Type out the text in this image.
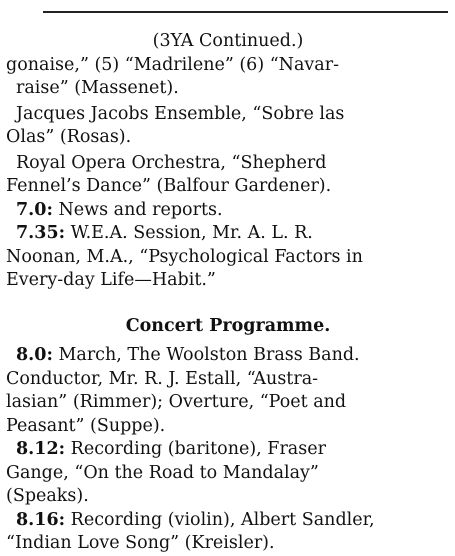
(3YA Continued.)

gonaise,” (5) “Madrilene” (6) “Navar-

raise” (Massenet).

Jacques Jacobs Ensemble, “Sobre las

Olas” (Rosas).

Royal Opera Orchestra, “Shepherd

Fennel’s Dance” (Balfour Gardener).

7.0: News and reports.

7.35: W.E.A. Session, Mr. A. L. R.

Noonan, M.A., “Psychological Factors in

Every-day Life—Habit.”

Concert Programme.

8.0: March, The Woolston Brass Band.

Conductor, Mr. R. J. Estall, “Austra-

lasian” (Rimmer); Overture, “Poet and

Peasant” (Suppe).

8.12: Recording (baritone), Fraser

Gange, “On the Road to Mandalay”

(Speaks).

8.16: Recording (violin), Albert Sandler,

“Indian Love Song” (Kreisler).
